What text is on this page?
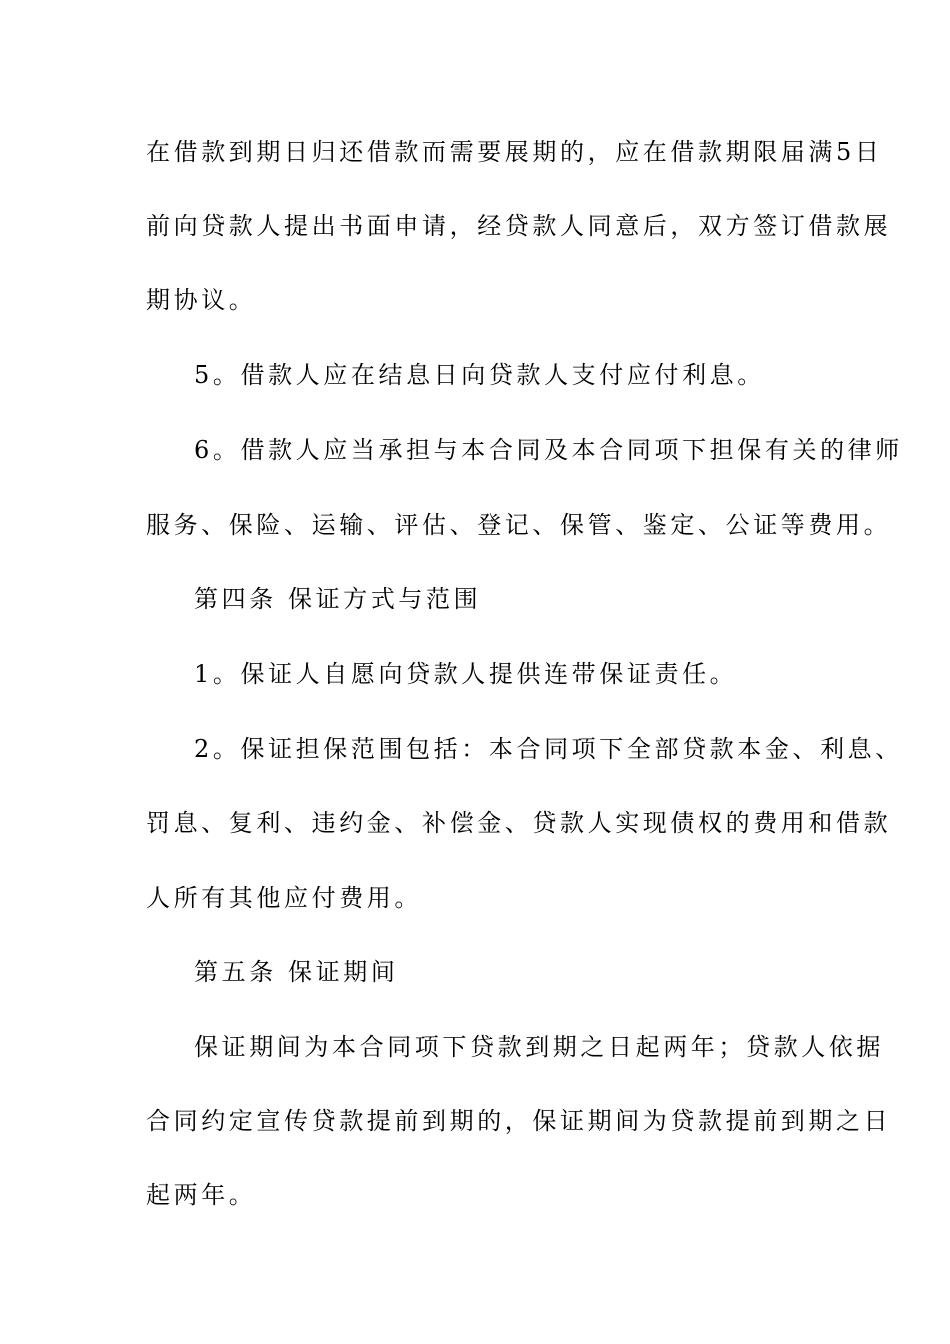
在借款到期日归还借款而需要展期的，应在借款期限届满5日
前向贷款人提出书面申请，经贷款人同意后，双方签订借款展
期协议。
5。借款人应在结息日向贷款人支付应付利息。
6。借款人应当承担与本合同及本合同项下担保有关的律师
服务、保险、运输、评估、登记、保管、鉴定、公证等费用。
第四条 保证方式与范围
1。保证人自愿向贷款人提供连带保证责任。
2。保证担保范围包括：本合同项下全部贷款本金、利息、
罚息、复利、违约金、补偿金、贷款人实现债权的费用和借款
人所有其他应付费用。
第五条 保证期间
保证期间为本合同项下贷款到期之日起两年；贷款人依据
合同约定宣传贷款提前到期的，保证期间为贷款提前到期之日
起两年。
